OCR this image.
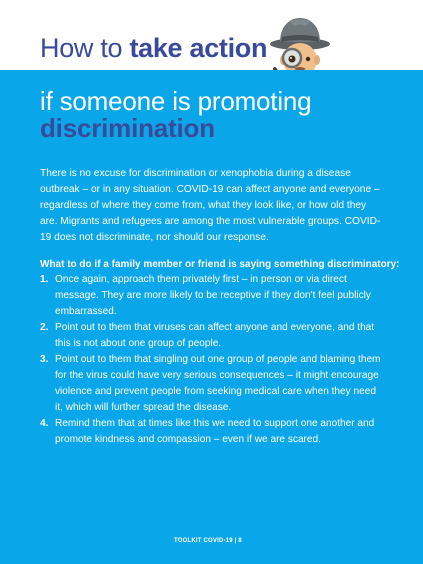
How to take action
if someone is promoting
discrimination

There is no excuse for discrimination or xenophobia during a disease outbreak – or in any situation. COVID-19 can affect anyone and everyone – regardless of where they come from, what they look like, or how old they are. Migrants and refugees are among the most vulnerable groups. COVID-19 does not discriminate, nor should our response.

What to do if a family member or friend is saying something discriminatory:

1. Once again, approach them privately first – in person or via direct message. They are more likely to be receptive if they don't feel publicly embarrassed.
2. Point out to them that viruses can affect anyone and everyone, and that this is not about one group of people.
3. Point out to them that singling out one group of people and blaming them for the virus could have very serious consequences – it might encourage violence and prevent people from seeking medical care when they need it, which will further spread the disease.
4. Remind them that at times like this we need to support one another and promote kindness and compassion – even if we are scared.
TOOLKIT COVID-19 | 8
